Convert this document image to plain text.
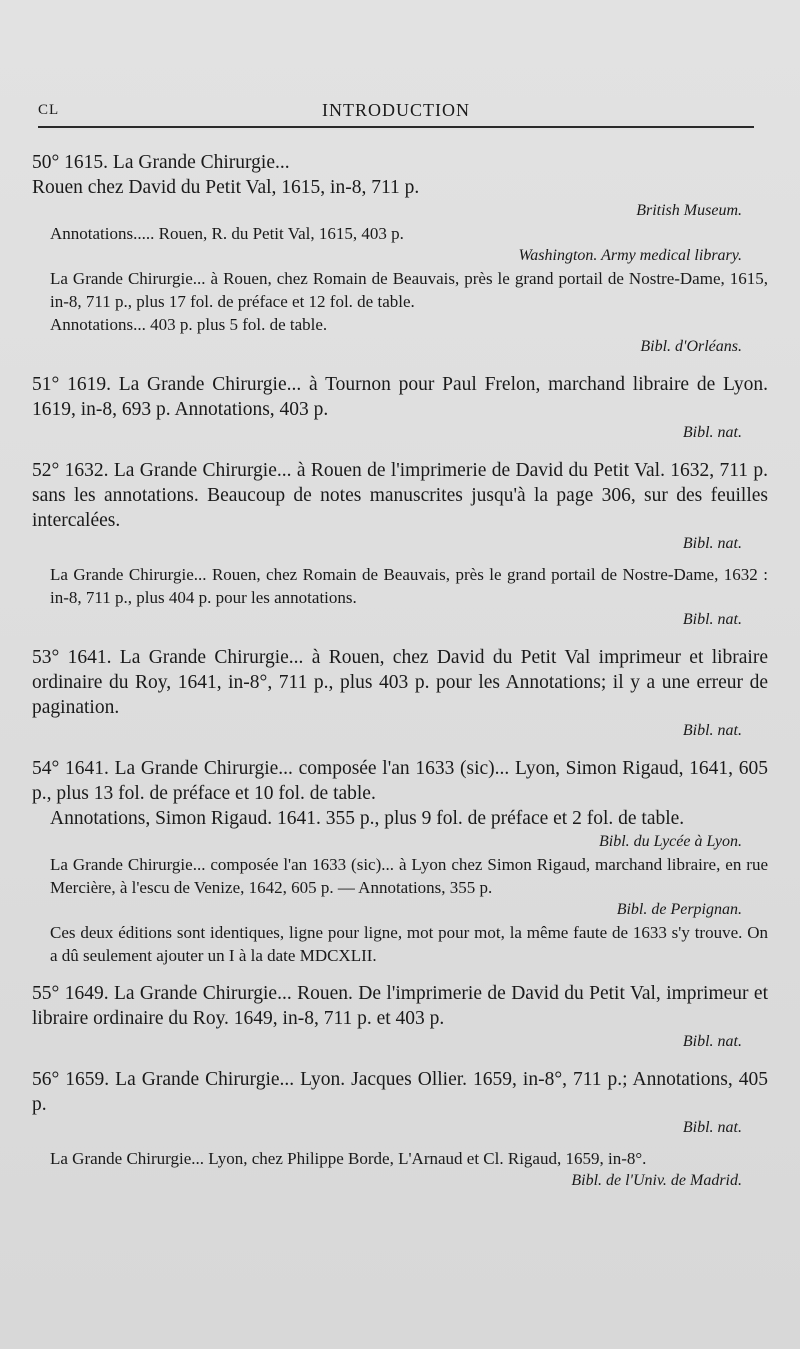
CL	INTRODUCTION

50° 1615. La Grande Chirurgie...

Rouen chez David du Petit Val, 1615, in-8, 711 p.

British Museum.

Annotations..... Rouen, R. du Petit Val, 1615, 403 p.

Washington. Army medical library.

La Grande Chirurgie... à Rouen, chez Romain de Beauvais, près le grand portail de Nostre-Dame, 1615, in-8, 711 p., plus 17 fol. de préface et 12 fol. de table.

Annotations... 403 p. plus 5 fol. de table.

Bibl. d'Orléans.

51° 1619. La Grande Chirurgie... à Tournon pour Paul Frelon, marchand libraire de Lyon. 1619, in-8, 693 p. Annotations, 403 p.

Bibl. nat.

52° 1632. La Grande Chirurgie... à Rouen de l'imprimerie de David du Petit Val. 1632, 711 p. sans les annotations. Beaucoup de notes manuscrites jusqu'à la page 306, sur des feuilles intercalées.

Bibl. nat.

La Grande Chirurgie... Rouen, chez Romain de Beauvais, près le grand portail de Nostre-Dame, 1632 : in-8, 711 p., plus 404 p. pour les annotations.

Bibl. nat.

53° 1641. La Grande Chirurgie... à Rouen, chez David du Petit Val imprimeur et libraire ordinaire du Roy, 1641, in-8°, 711 p., plus 403 p. pour les Annotations; il y a une erreur de pagination.

Bibl. nat.

54° 1641. La Grande Chirurgie... composée l'an 1633 (sic)... Lyon, Simon Rigaud, 1641, 605 p., plus 13 fol. de préface et 10 fol. de table.

Annotations, Simon Rigaud. 1641. 355 p., plus 9 fol. de préface et 2 fol. de table.

Bibl. du Lycée à Lyon.

La Grande Chirurgie... composée l'an 1633 (sic)... à Lyon chez Simon Rigaud, marchand libraire, en rue Mercière, à l'escu de Venize, 1642, 605 p. — Annotations, 355 p.

Bibl. de Perpignan.

Ces deux éditions sont identiques, ligne pour ligne, mot pour mot, la même faute de 1633 s'y trouve. On a dû seulement ajouter un I à la date MDCXLII.

55° 1649. La Grande Chirurgie... Rouen. De l'imprimerie de David du Petit Val, imprimeur et libraire ordinaire du Roy. 1649, in-8, 711 p. et 403 p.

Bibl. nat.

56° 1659. La Grande Chirurgie... Lyon. Jacques Ollier. 1659, in-8°, 711 p.; Annotations, 405 p.

Bibl. nat.

La Grande Chirurgie... Lyon, chez Philippe Borde, L'Arnaud et Cl. Rigaud, 1659, in-8°.

Bibl. de l'Univ. de Madrid.
